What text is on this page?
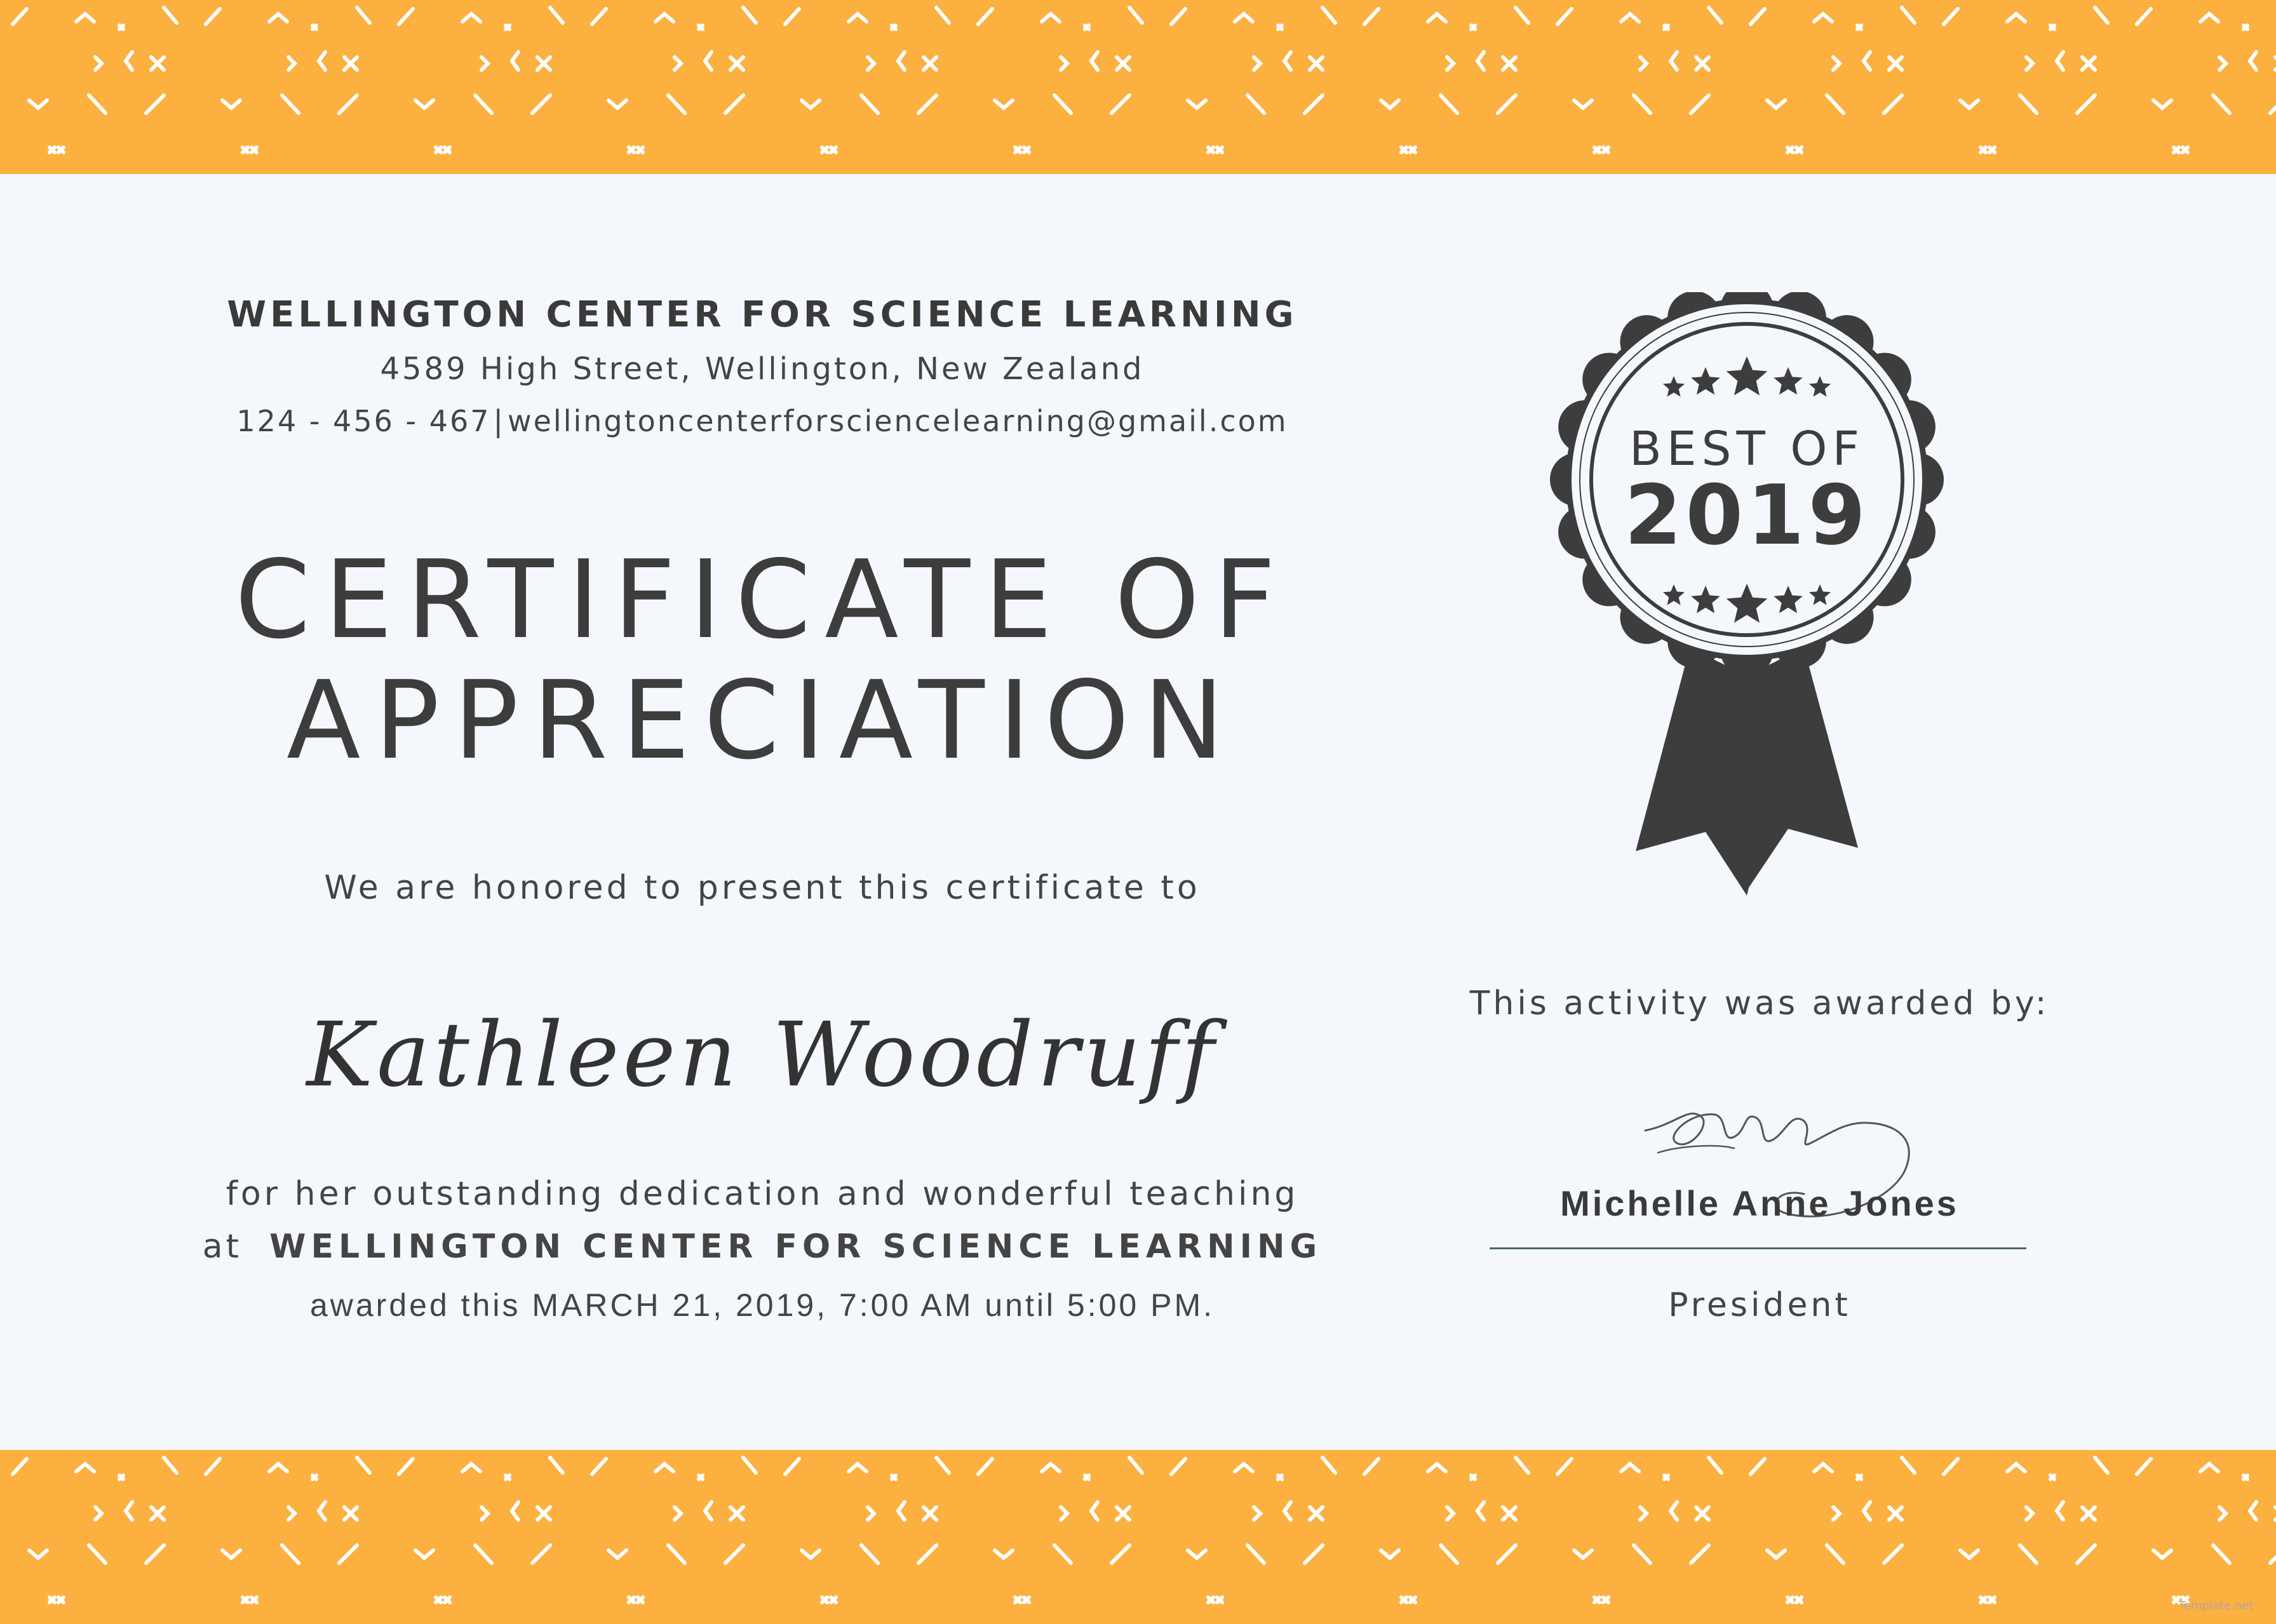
WELLINGTON CENTER FOR SCIENCE LEARNING
4589 High Street, Wellington, New Zealand
124 - 456 - 467|wellingtoncenterforsciencelearning@gmail.com
CERTIFICATE OF
APPRECIATION
We are honored to present this certificate to
Kathleen Woodruff
for her outstanding dedication and wonderful teaching
at WELLINGTON CENTER FOR SCIENCE LEARNING
awarded this MARCH 21, 2019, 7:00 AM until 5:00 PM.
BEST OF
2019
This activity was awarded by:
Michelle Anne Jones
President
Template.net
